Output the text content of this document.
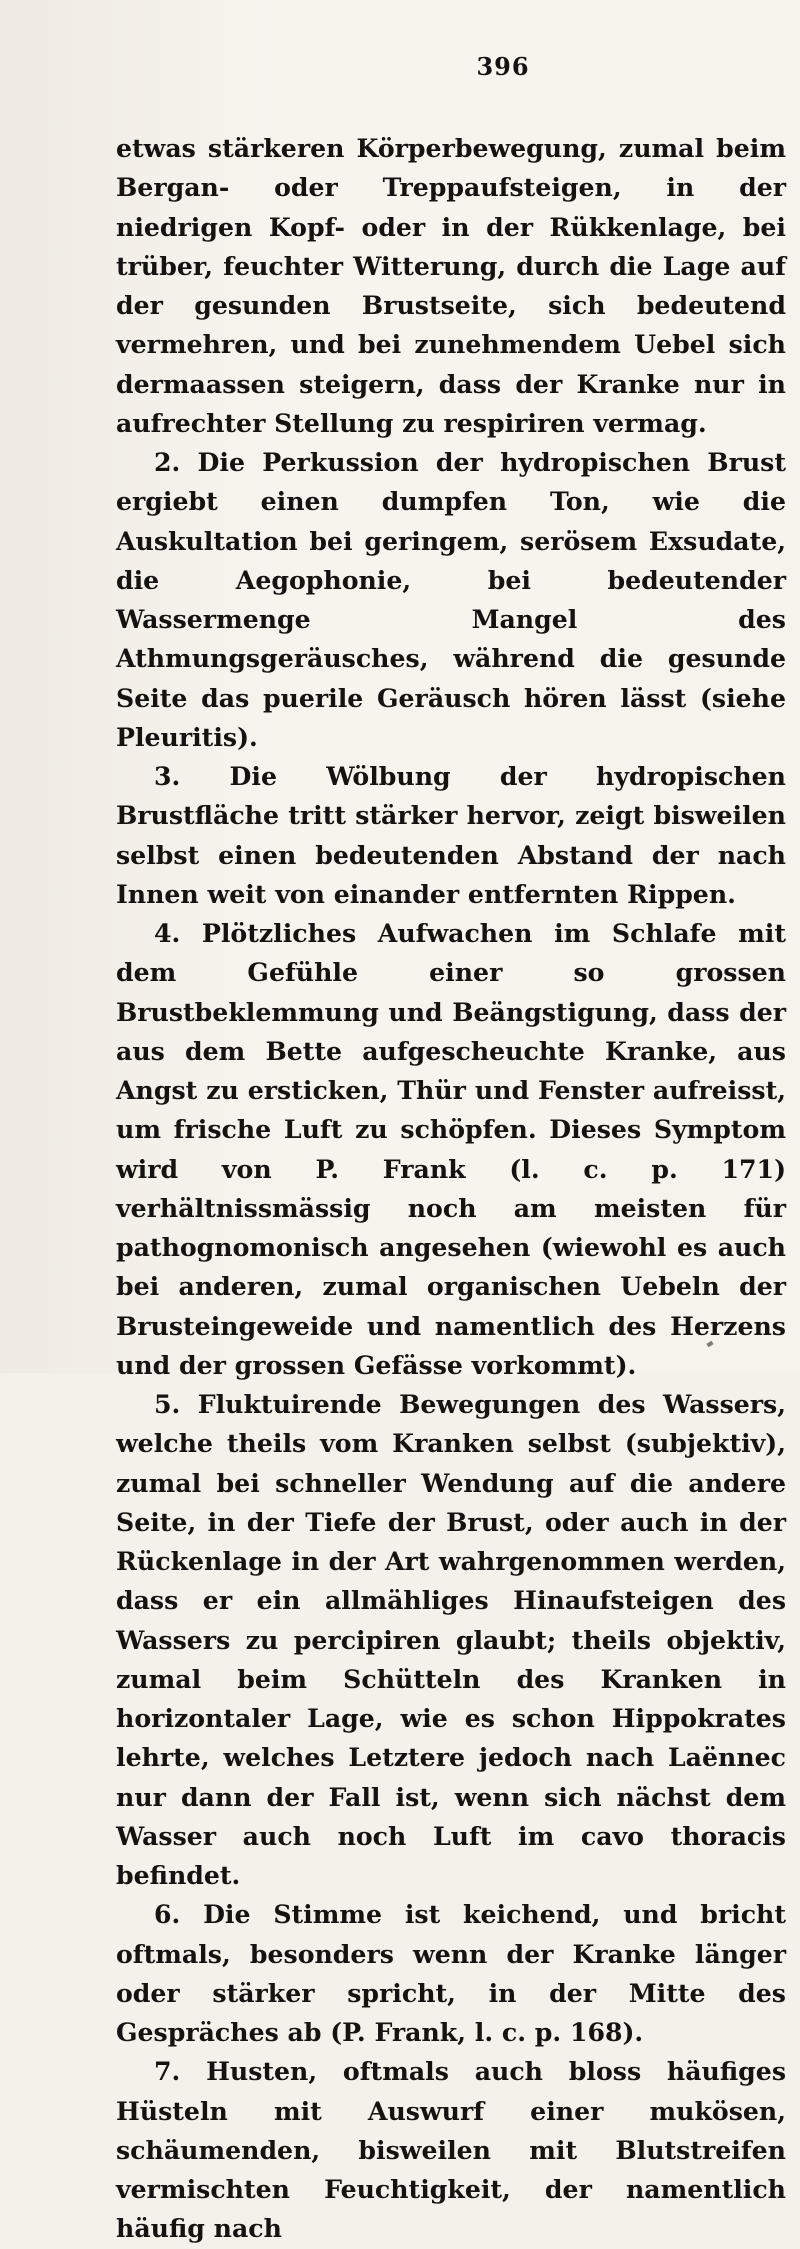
396

etwas stärkeren Körperbewegung, zumal beim Bergan- oder Treppaufsteigen, in der niedrigen Kopf- oder in der Rükkenlage, bei trüber, feuchter Witterung, durch die Lage auf der gesunden Brustseite, sich bedeutend vermehren, und bei zunehmendem Uebel sich dermaassen steigern, dass der Kranke nur in aufrechter Stellung zu respiriren vermag.

2. Die Perkussion der hydropischen Brust ergiebt einen dumpfen Ton, wie die Auskultation bei geringem, serösem Exsudate, die Aegophonie, bei bedeutender Wassermenge Mangel des Athmungsgeräusches, während die gesunde Seite das puerile Geräusch hören lässt (siehe Pleuritis).

3. Die Wölbung der hydropischen Brustfläche tritt stärker hervor, zeigt bisweilen selbst einen bedeutenden Abstand der nach Innen weit von einander entfernten Rippen.

4. Plötzliches Aufwachen im Schlafe mit dem Gefühle einer so grossen Brustbeklemmung und Beängstigung, dass der aus dem Bette aufgescheuchte Kranke, aus Angst zu ersticken, Thür und Fenster aufreisst, um frische Luft zu schöpfen. Dieses Symptom wird von P. Frank (l. c. p. 171) verhältnissmässig noch am meisten für pathognomonisch angesehen (wiewohl es auch bei anderen, zumal organischen Uebeln der Brusteingeweide und namentlich des Herzens und der grossen Gefässe vorkommt).

5. Fluktuirende Bewegungen des Wassers, welche theils vom Kranken selbst (subjektiv), zumal bei schneller Wendung auf die andere Seite, in der Tiefe der Brust, oder auch in der Rückenlage in der Art wahrgenommen werden, dass er ein allmähliges Hinaufsteigen des Wassers zu percipiren glaubt; theils objektiv, zumal beim Schütteln des Kranken in horizontaler Lage, wie es schon Hippokrates lehrte, welches Letztere jedoch nach Laënnec nur dann der Fall ist, wenn sich nächst dem Wasser auch noch Luft im cavo thoracis befindet.

6. Die Stimme ist keichend, und bricht oftmals, besonders wenn der Kranke länger oder stärker spricht, in der Mitte des Gespräches ab (P. Frank, l. c. p. 168).

7. Husten, oftmals auch bloss häufiges Hüsteln mit Auswurf einer mukösen, schäumenden, bisweilen mit Blutstreifen vermischten Feuchtigkeit, der namentlich häufig nach
